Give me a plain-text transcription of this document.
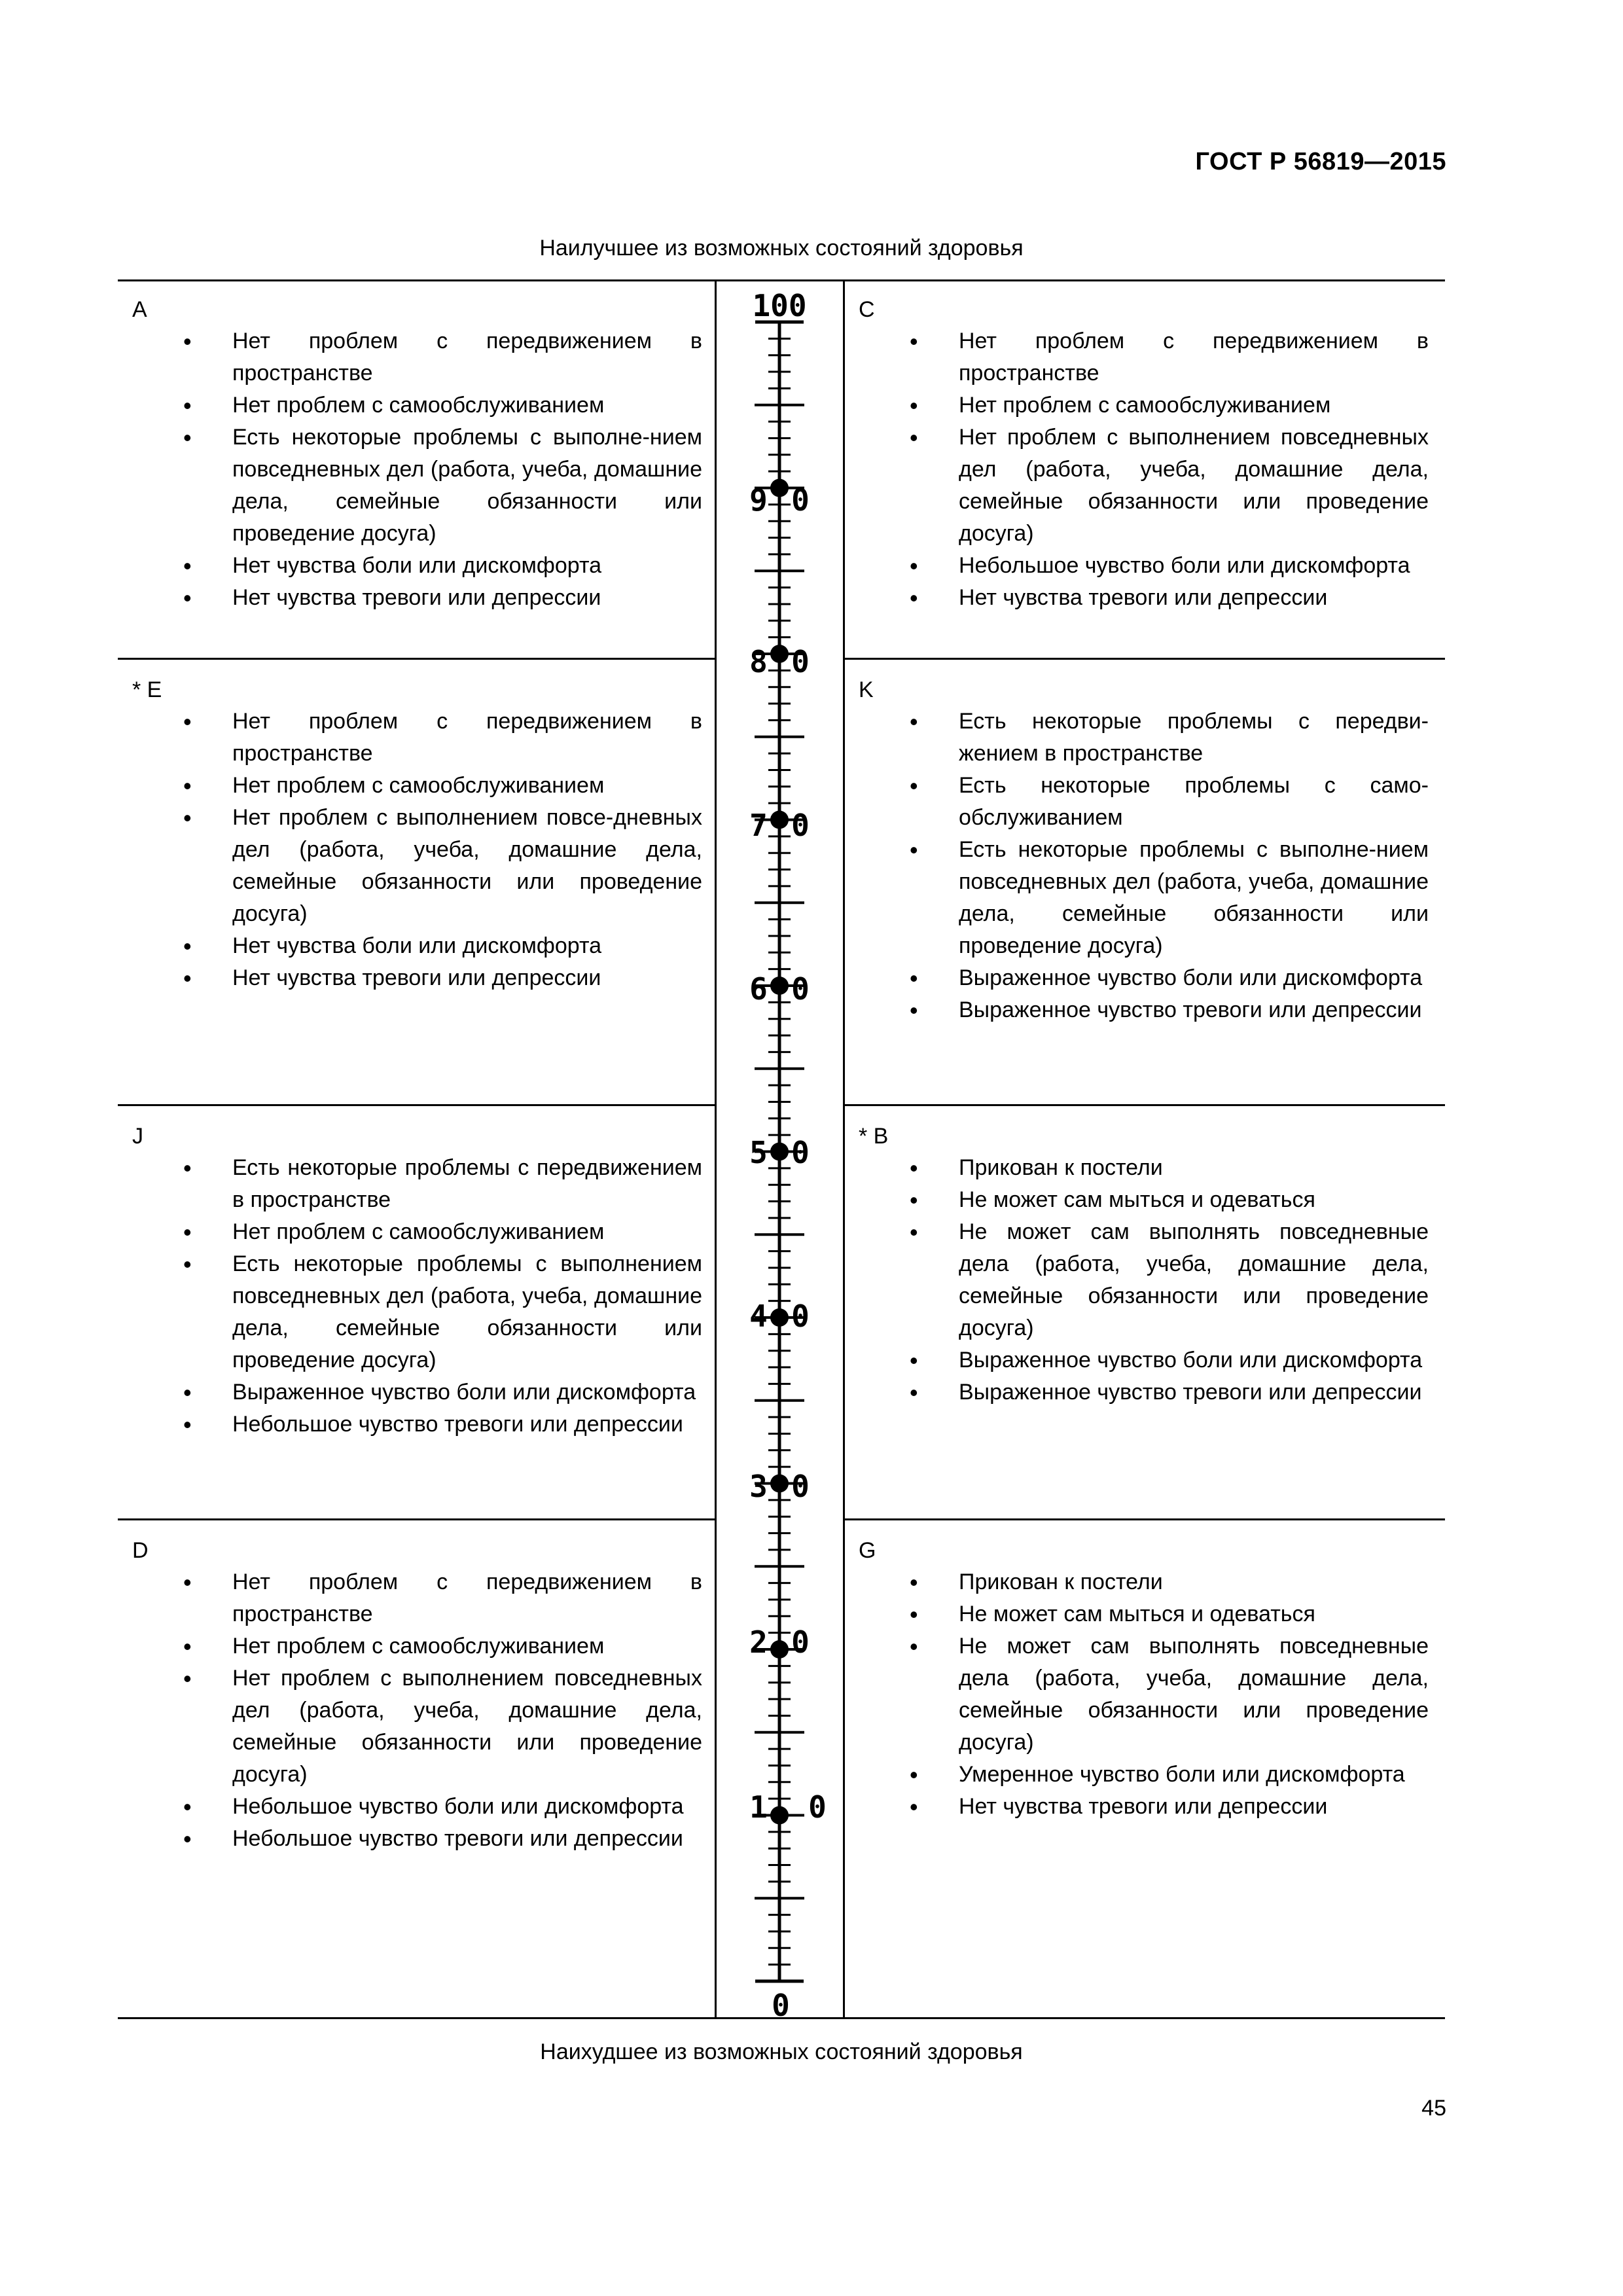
ГОСТ Р 56819—2015
Наилучшее из возможных состояний здоровья
A
• Нет проблем с передвижением в пространстве
• Нет проблем с самообслуживанием
• Есть некоторые проблемы с выполне-нием повседневных дел (работа, учеба, домашние дела, семейные обязанности или проведение досуга)
• Нет чувства боли или дискомфорта
• Нет чувства тревоги или депрессии
C
• Нет проблем с передвижением в пространстве
• Нет проблем с самообслуживанием
• Нет проблем с выполнением повседневных дел (работа, учеба, домашние дела, семейные обязанности или проведение досуга)
• Небольшое чувство боли или дискомфорта
• Нет чувства тревоги или депрессии
* E
• Нет проблем с передвижением в пространстве
• Нет проблем с самообслуживанием
• Нет проблем с выполнением повсе-дневных дел (работа, учеба, домашние дела, семейные обязанности или проведение досуга)
• Нет чувства боли или дискомфорта
• Нет чувства тревоги или депрессии
K
• Есть некоторые проблемы с передви-жением в пространстве
• Есть некоторые проблемы с само-обслуживанием
• Есть некоторые проблемы с выполне-нием повседневных дел (работа, учеба, домашние дела, семейные обязанности или проведение досуга)
• Выраженное чувство боли или дискомфорта
• Выраженное чувство тревоги или депрессии
J
• Есть некоторые проблемы с передвижением в пространстве
• Нет проблем с самообслуживанием
• Есть некоторые проблемы с выполнением повседневных дел (работа, учеба, домашние дела, семейные обязанности или проведение досуга)
• Выраженное чувство боли или дискомфорта
• Небольшое чувство тревоги или депрессии
* B
• Прикован к постели
• Не может сам мыться и одеваться
• Не может сам выполнять повседневные дела (работа, учеба, домашние дела, семейные обязанности или проведение досуга)
• Выраженное чувство боли или дискомфорта
• Выраженное чувство тревоги или депрессии
D
• Нет проблем с передвижением в пространстве
• Нет проблем с самообслуживанием
• Нет проблем с выполнением повседневных дел (работа, учеба, домашние дела, семейные обязанности или проведение досуга)
• Небольшое чувство боли или дискомфорта
• Небольшое чувство тревоги или депрессии
G
• Прикован к постели
• Не может сам мыться и одеваться
• Не может сам выполнять повседневные дела (работа, учеба, домашние дела, семейные обязанности или проведение досуга)
• Умеренное чувство боли или дискомфорта
• Нет чувства тревоги или депрессии
100
9 0
8 0
7 0
6 0
5 0
4 0
3 0
2 0
1 0
0
Наихудшее из возможных состояний здоровья
45
